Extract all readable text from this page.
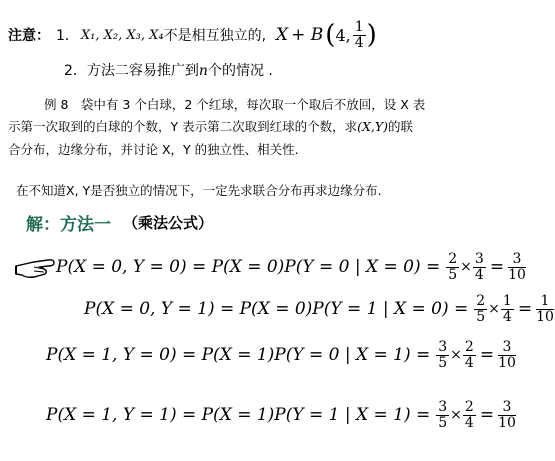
注意： 1． X₁, X₂, X₃, X₄ 不是相互独立的, X + B ( 4, $\frac{1}{4}$ )
2．方法二容易推广到n个的情况 .
例 8　袋中有 3 个白球，2 个红球，每次取一个取后不放回，设 X 表
示第一次取到的白球的个数，Y 表示第二次取到红球的个数，求(X,Y)的联
合分布，边缘分布，并讨论 X，Y 的独立性、相关性.
在不知道X, Y是否独立的情况下，一定先求联合分布再求边缘分布.
解：方法一 （乘法公式）
P(X = 0, Y = 0) = P(X = 0)P(Y = 0 | $X = 0) = \frac{2}{5} \times \frac{3}{4} = \frac{3}{10}$
P(X = 0, Y = 1) = P(X = 0)P(Y = 1 | $X = 0) = \frac{2}{5} \times \frac{1}{4} = \frac{1}{10}$
P(X = 1, Y = 0) = P(X = 1)P(Y = 0 | $X = 1) = \frac{3}{5} \times \frac{2}{4} = \frac{3}{10}$
P(X = 1, Y = 1) = P(X = 1)P(Y = 1 | $X = 1) = \frac{3}{5} \times \frac{2}{4} = \frac{3}{10}$
